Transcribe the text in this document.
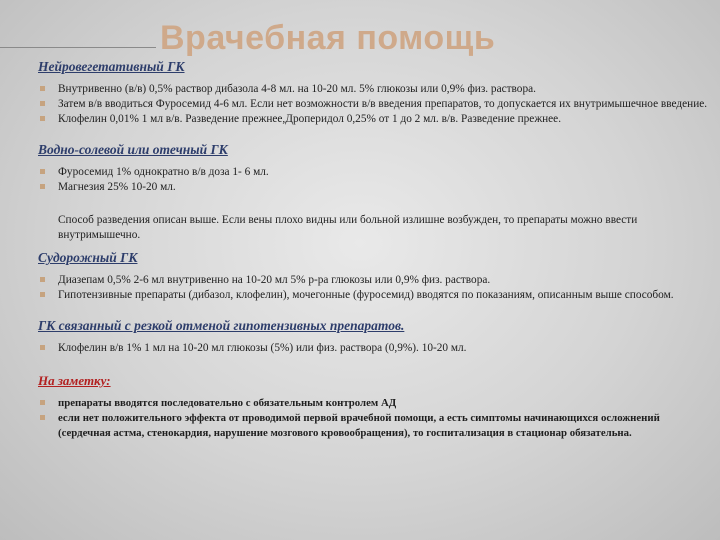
Врачебная помощь

Нейровегетативный ГК

Внутривенно (в/в) 0,5% раствор дибазола 4-8 мл. на 10-20 мл. 5% глюкозы или 0,9% физ. раствора.
Затем в/в вводиться Фуросемид 4-6 мл. Если нет возможности в/в введения препаратов, то допускается их внутримышечное введение.
Клофелин 0,01% 1 мл в/в. Разведение прежнее,Дроперидол 0,25% от 1 до 2 мл. в/в. Разведение прежнее.

Водно-солевой или отечный ГК

Фуросемид 1% однократно в/в доза 1- 6 мл.
Магнезия 25% 10-20 мл.

Способ разведения описан выше. Если вены плохо видны или больной излишне возбужден, то препараты можно ввести внутримышечно.

Судорожный ГК

Диазепам 0,5% 2-6 мл внутривенно на 10-20 мл 5% р-ра глюкозы или 0,9% физ. раствора.
Гипотензивные препараты (дибазол, клофелин), мочегонные (фуросемид) вводятся по показаниям, описанным выше способом.

ГК связанный с резкой отменой гипотензивных препаратов.

Клофелин в/в 1% 1 мл на 10-20 мл глюкозы (5%) или физ. раствора (0,9%). 10-20 мл.

На заметку:

препараты вводятся последовательно с обязательным контролем АД
если нет положительного эффекта от проводимой первой врачебной помощи, а есть симптомы начинающихся осложнений (сердечная астма, стенокардия, нарушение мозгового кровообращения), то госпитализация в стационар обязательна.
